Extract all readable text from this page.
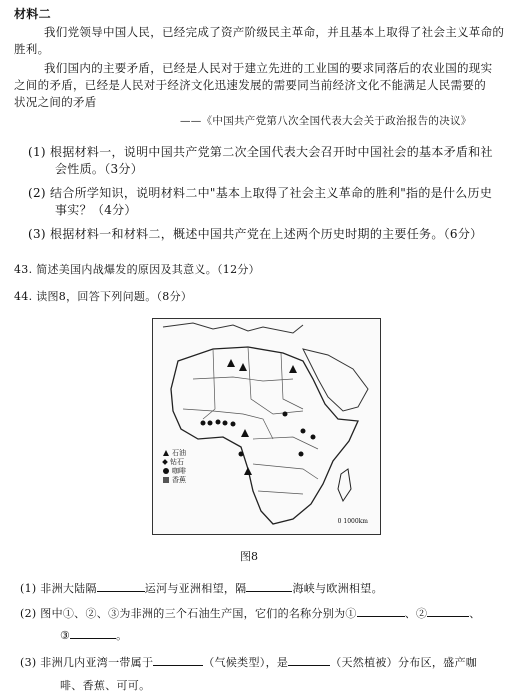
材料二
我们党领导中国人民，已经完成了资产阶级民主革命，并且基本上取得了社会主义革命的
胜利。
我们国内的主要矛盾，已经是人民对于建立先进的工业国的要求同落后的农业国的现实
之间的矛盾，已经是人民对于经济文化迅速发展的需要同当前经济文化不能满足人民需要的
状况之间的矛盾
——《中国共产党第八次全国代表大会关于政治报告的决议》
(1) 根据材料一，说明中国共产党第二次全国代表大会召开时中国社会的基本矛盾和社
会性质。（3分）
(2) 结合所学知识，说明材料二中"基本上取得了社会主义革命的胜利"指的是什么历史
事实？（4分）
(3) 根据材料一和材料二，概述中国共产党在上述两个历史时期的主要任务。（6分）
43. 简述美国内战爆发的原因及其意义。（12分）
44. 读图8，回答下列问题。（8分）
石油
钻石
咖啡
香蕉
0 1000km
图8
(1) 非洲大陆隔	运河与亚洲相望，隔	海峡与欧洲相望。
(2) 图中①、②、③为非洲的三个石油生产国，它们的名称分别为①	、②	、
③	。
(3) 非洲几内亚湾一带属于	（气候类型），是	（天然植被）分布区，盛产咖
啡、香蕉、可可。
